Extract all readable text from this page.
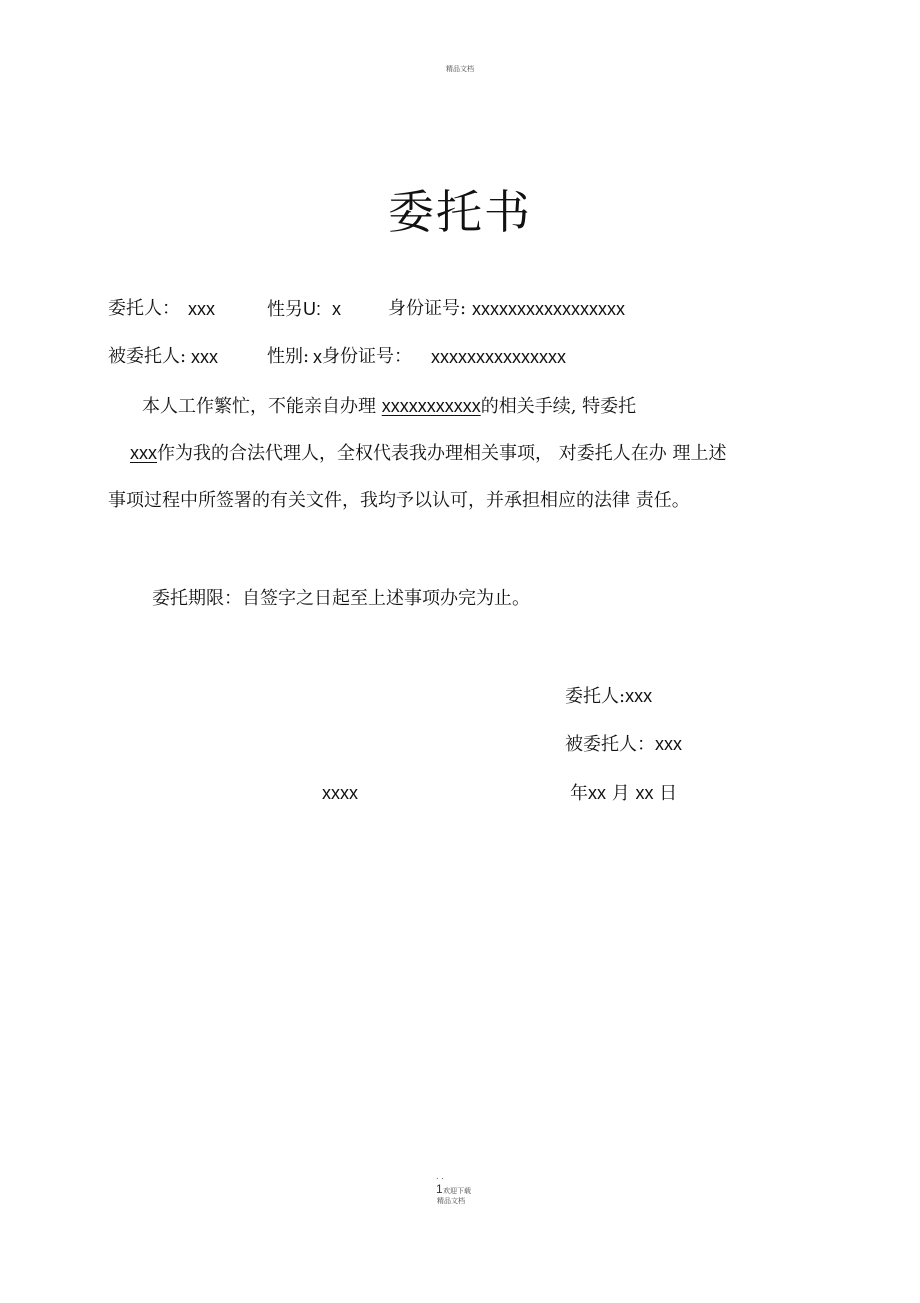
精品文档
委托书
委托人： xxx	性另U: x	身份证号: xxxxxxxxxxxxxxxxx
被委托人: xxx	性别: x 身份证号： xxxxxxxxxxxxxxx
本人工作繁忙，不能亲自办理 xxxxxxxxxxx的相关手续, 特委托
xxx作为我的合法代理人，全权代表我办理相关事项， 对委托人在办 理上述
事项过程中所签署的有关文件，我均予以认可，并承担相应的法律 责任。
委托期限：自签字之日起至上述事项办完为止。
委托人:xxx
被委托人：xxx
xxxx	年xx 月 xx 日
. .
1 欢迎下载
精品文档
